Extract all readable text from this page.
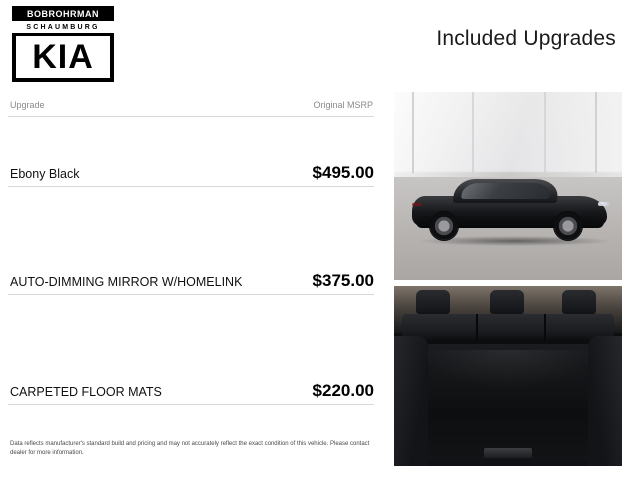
BOBROHRMAN
SCHAUMBURG
KIA	Included Upgrades
Upgrade	Original MSRP
Ebony Black	$495.00
AUTO-DIMMING MIRROR W/HOMELINK	$375.00
CARPETED FLOOR MATS	$220.00
Data reflects manufacturer's standard build and pricing and may not accurately reflect the exact condition of this vehicle. Please contact dealer for more information.
